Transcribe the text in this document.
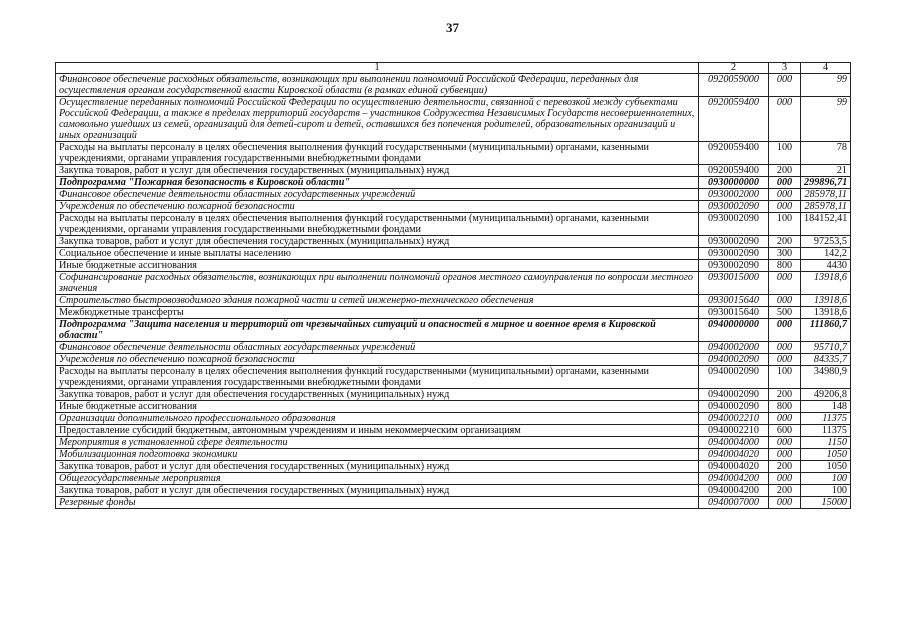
37
1	2	3	4
Финансовое обеспечение расходных обязательств, возникающих при выполнении полномочий Российской Федерации, переданных для осуществления органам государственной власти Кировской области (в рамках единой субвенции)	0920059000	000	99
Осуществление переданных полномочий Российской Федерации по осуществлению деятельности, связанной с перевозкой между субъектами Российской Федерации, а также в пределах территорий государств – участников Содружества Независимых Государств несовершеннолетних, самовольно ушедших из семей, организаций для детей-сирот и детей, оставшихся без попечения родителей, образовательных организаций и иных организаций	0920059400	000	99
Расходы на выплаты персоналу в целях обеспечения выполнения функций государственными (муниципальными) органами, казенными учреждениями, органами управления государственными внебюджетными фондами	0920059400	100	78
Закупка товаров, работ и услуг для обеспечения государственных (муниципальных) нужд	0920059400	200	21
Подпрограмма "Пожарная безопасность в Кировской области"	0930000000	000	299896,71
Финансовое обеспечение деятельности областных государственных учреждений	0930002000	000	285978,11
Учреждения по обеспечению пожарной безопасности	0930002090	000	285978,11
Расходы на выплаты персоналу в целях обеспечения выполнения функций государственными (муниципальными) органами, казенными учреждениями, органами управления государственными внебюджетными фондами	0930002090	100	184152,41
Закупка товаров, работ и услуг для обеспечения государственных (муниципальных) нужд	0930002090	200	97253,5
Социальное обеспечение и иные выплаты населению	0930002090	300	142,2
Иные бюджетные ассигнования	0930002090	800	4430
Софинансирование расходных обязательств, возникающих при выполнении полномочий органов местного самоуправления по вопросам местного значения	0930015000	000	13918,6
Строительство быстровозводимого здания пожарной части и сетей инженерно-технического обеспечения	0930015640	000	13918,6
Межбюджетные трансферты	0930015640	500	13918,6
Подпрограмма "Защита населения и территорий от чрезвычайных ситуаций и опасностей в мирное и военное время в Кировской области"	0940000000	000	111860,7
Финансовое обеспечение деятельности областных государственных учреждений	0940002000	000	95710,7
Учреждения по обеспечению пожарной безопасности	0940002090	000	84335,7
Расходы на выплаты персоналу в целях обеспечения выполнения функций государственными (муниципальными) органами, казенными учреждениями, органами управления государственными внебюджетными фондами	0940002090	100	34980,9
Закупка товаров, работ и услуг для обеспечения государственных (муниципальных) нужд	0940002090	200	49206,8
Иные бюджетные ассигнования	0940002090	800	148
Организации дополнительного профессионального образования	0940002210	000	11375
Предоставление субсидий бюджетным, автономным учреждениям и иным некоммерческим организациям	0940002210	600	11375
Мероприятия в установленной сфере деятельности	0940004000	000	1150
Мобилизационная подготовка экономики	0940004020	000	1050
Закупка товаров, работ и услуг для обеспечения государственных (муниципальных) нужд	0940004020	200	1050
Общегосударственные мероприятия	0940004200	000	100
Закупка товаров, работ и услуг для обеспечения государственных (муниципальных) нужд	0940004200	200	100
Резервные фонды	0940007000	000	15000
